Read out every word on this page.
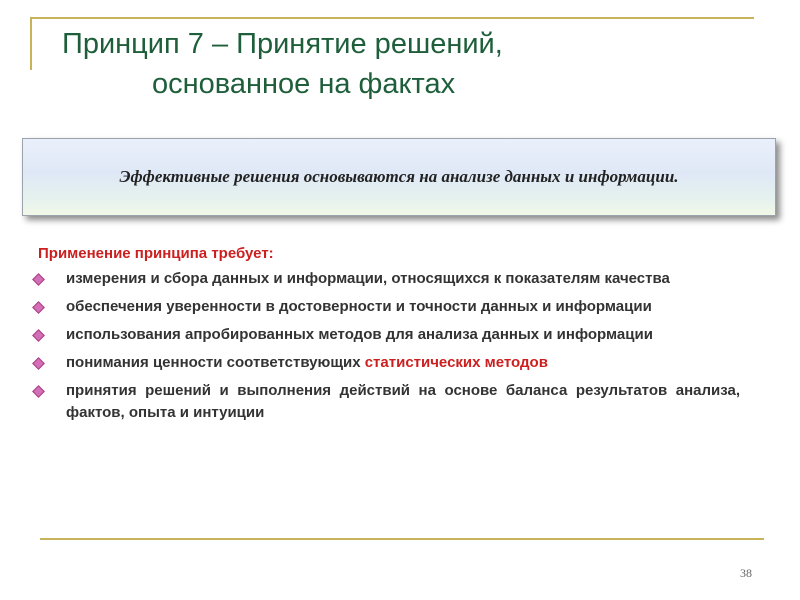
Принцип 7 – Принятие решений,
основанное на фактах
Эффективные решения основываются на анализе данных и информации.
Применение принципа требует:
измерения и сбора данных и информации, относящихся к показателям качества
обеспечения уверенности в достоверности и точности данных и информации
использования апробированных методов для анализа данных и информации
понимания ценности соответствующих статистических методов
принятия решений и выполнения действий на основе баланса результатов анализа, фактов, опыта и интуиции
38
